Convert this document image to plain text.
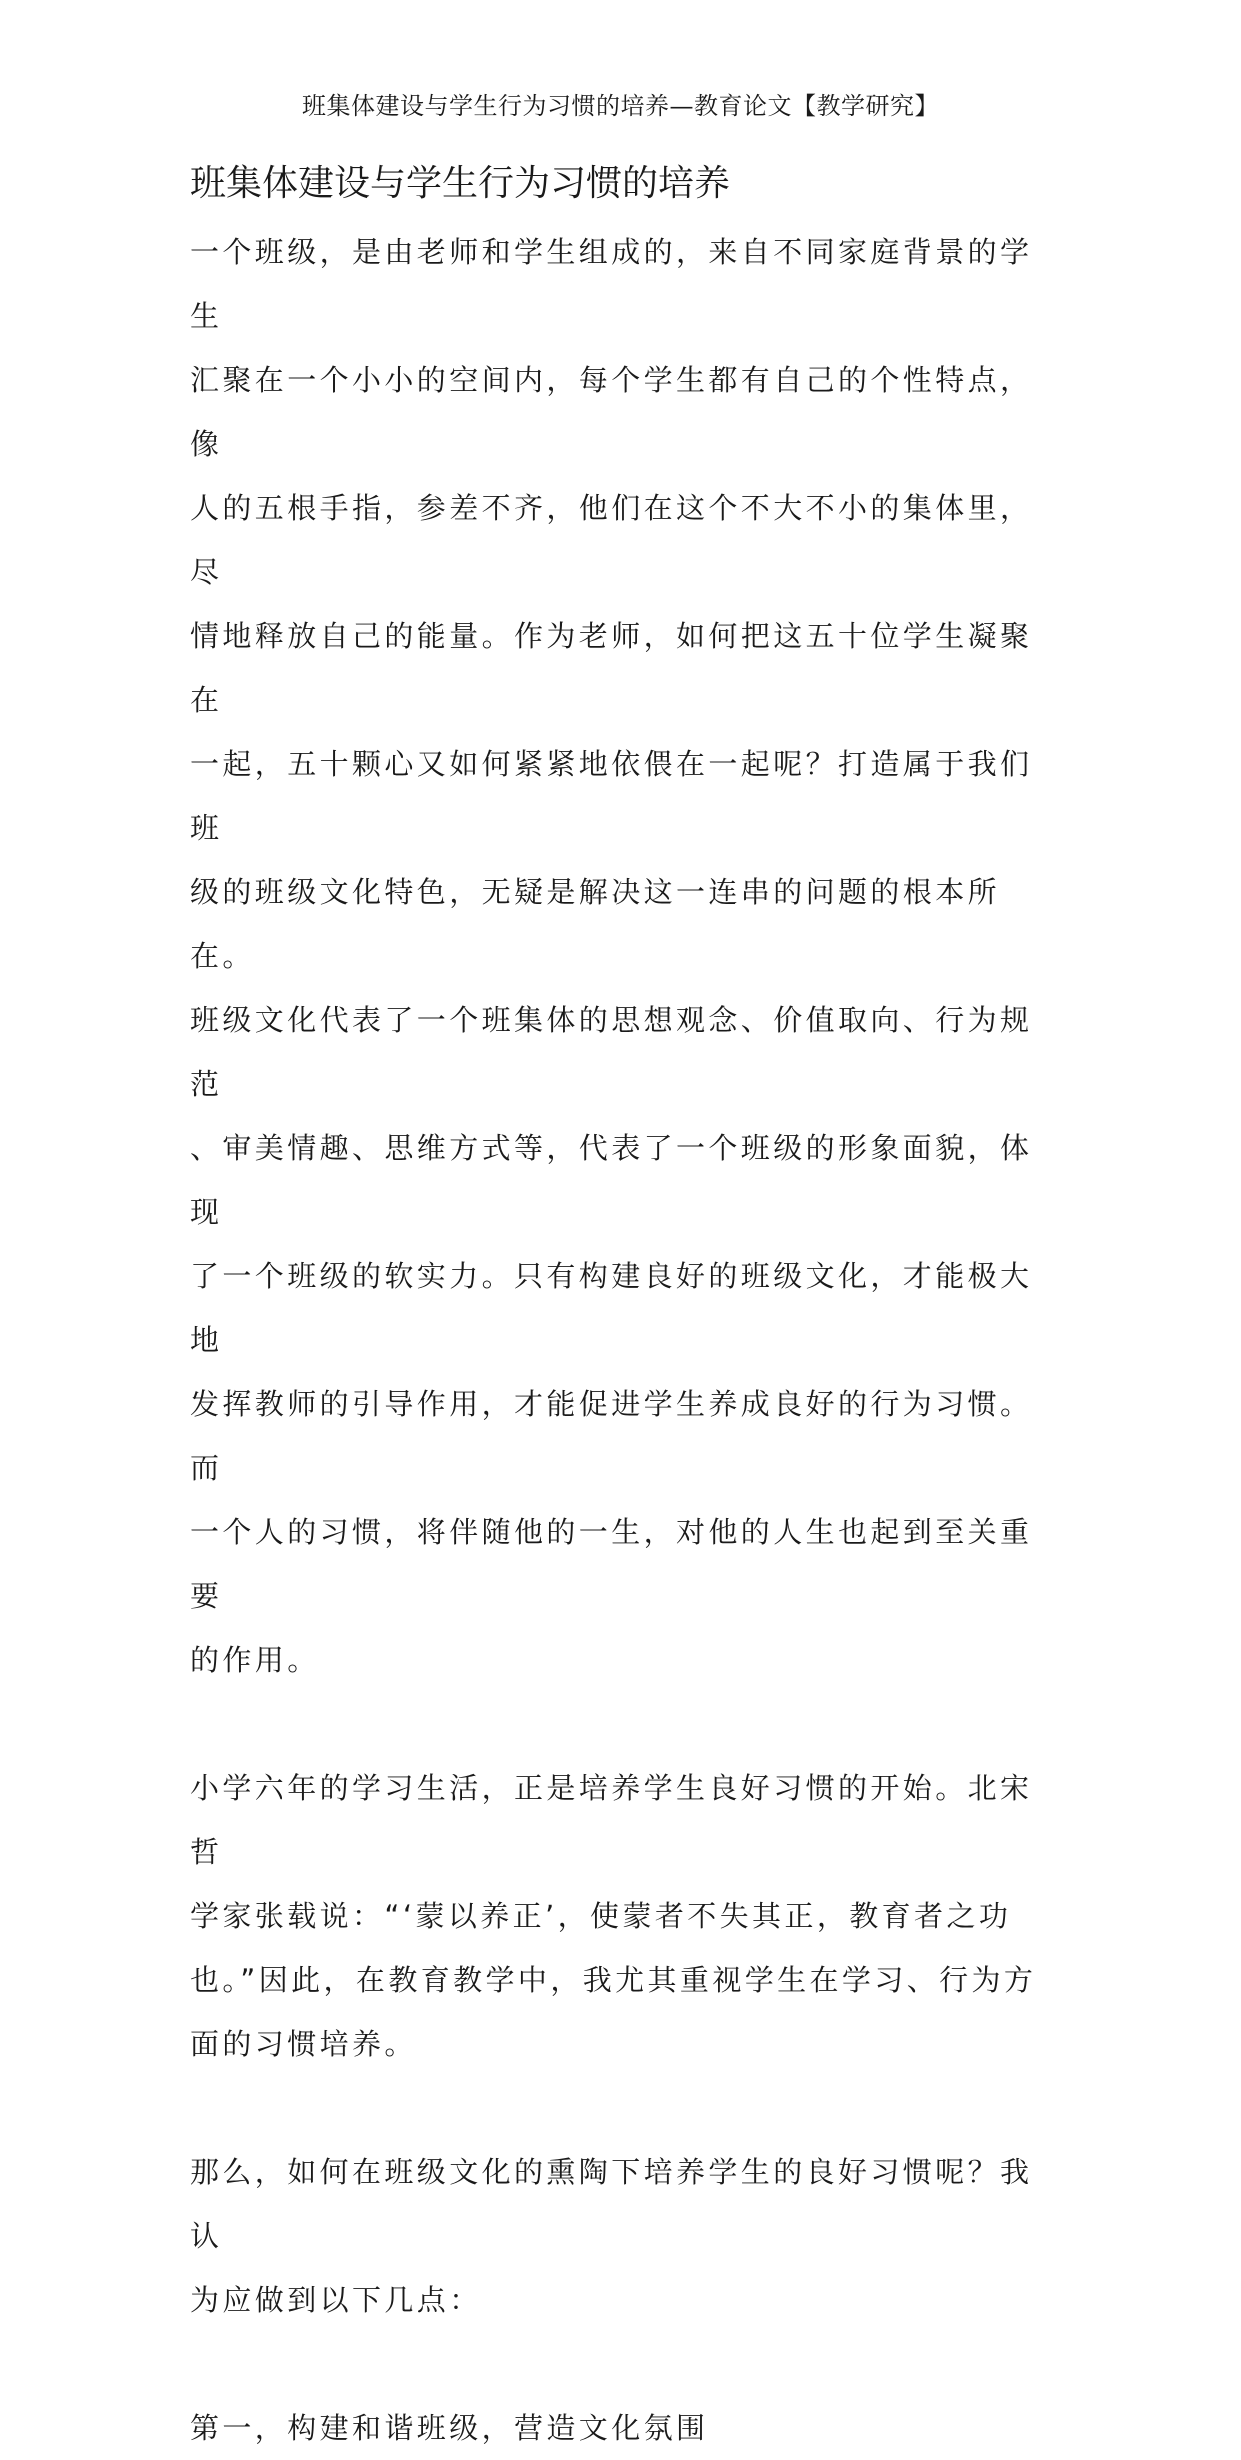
班集体建设与学生行为习惯的培养—教育论文【教学研究】
班集体建设与学生行为习惯的培养

一个班级，是由老师和学生组成的，来自不同家庭背景的学生
汇聚在一个小小的空间内，每个学生都有自己的个性特点，像
人的五根手指，参差不齐，他们在这个不大不小的集体里，尽
情地释放自己的能量。作为老师，如何把这五十位学生凝聚在
一起，五十颗心又如何紧紧地依偎在一起呢？打造属于我们班
级的班级文化特色，无疑是解决这一连串的问题的根本所在。
班级文化代表了一个班集体的思想观念、价值取向、行为规范
、审美情趣、思维方式等，代表了一个班级的形象面貌，体现
了一个班级的软实力。只有构建良好的班级文化，才能极大地
发挥教师的引导作用，才能促进学生养成良好的行为习惯。而
一个人的习惯，将伴随他的一生，对他的人生也起到至关重要
的作用。

小学六年的学习生活，正是培养学生良好习惯的开始。北宋哲
学家张载说：“‘蒙以养正’，使蒙者不失其正，教育者之功
也。”因此，在教育教学中，我尤其重视学生在学习、行为方
面的习惯培养。

那么，如何在班级文化的熏陶下培养学生的良好习惯呢？我认
为应做到以下几点：

第一，构建和谐班级，营造文化氛围
